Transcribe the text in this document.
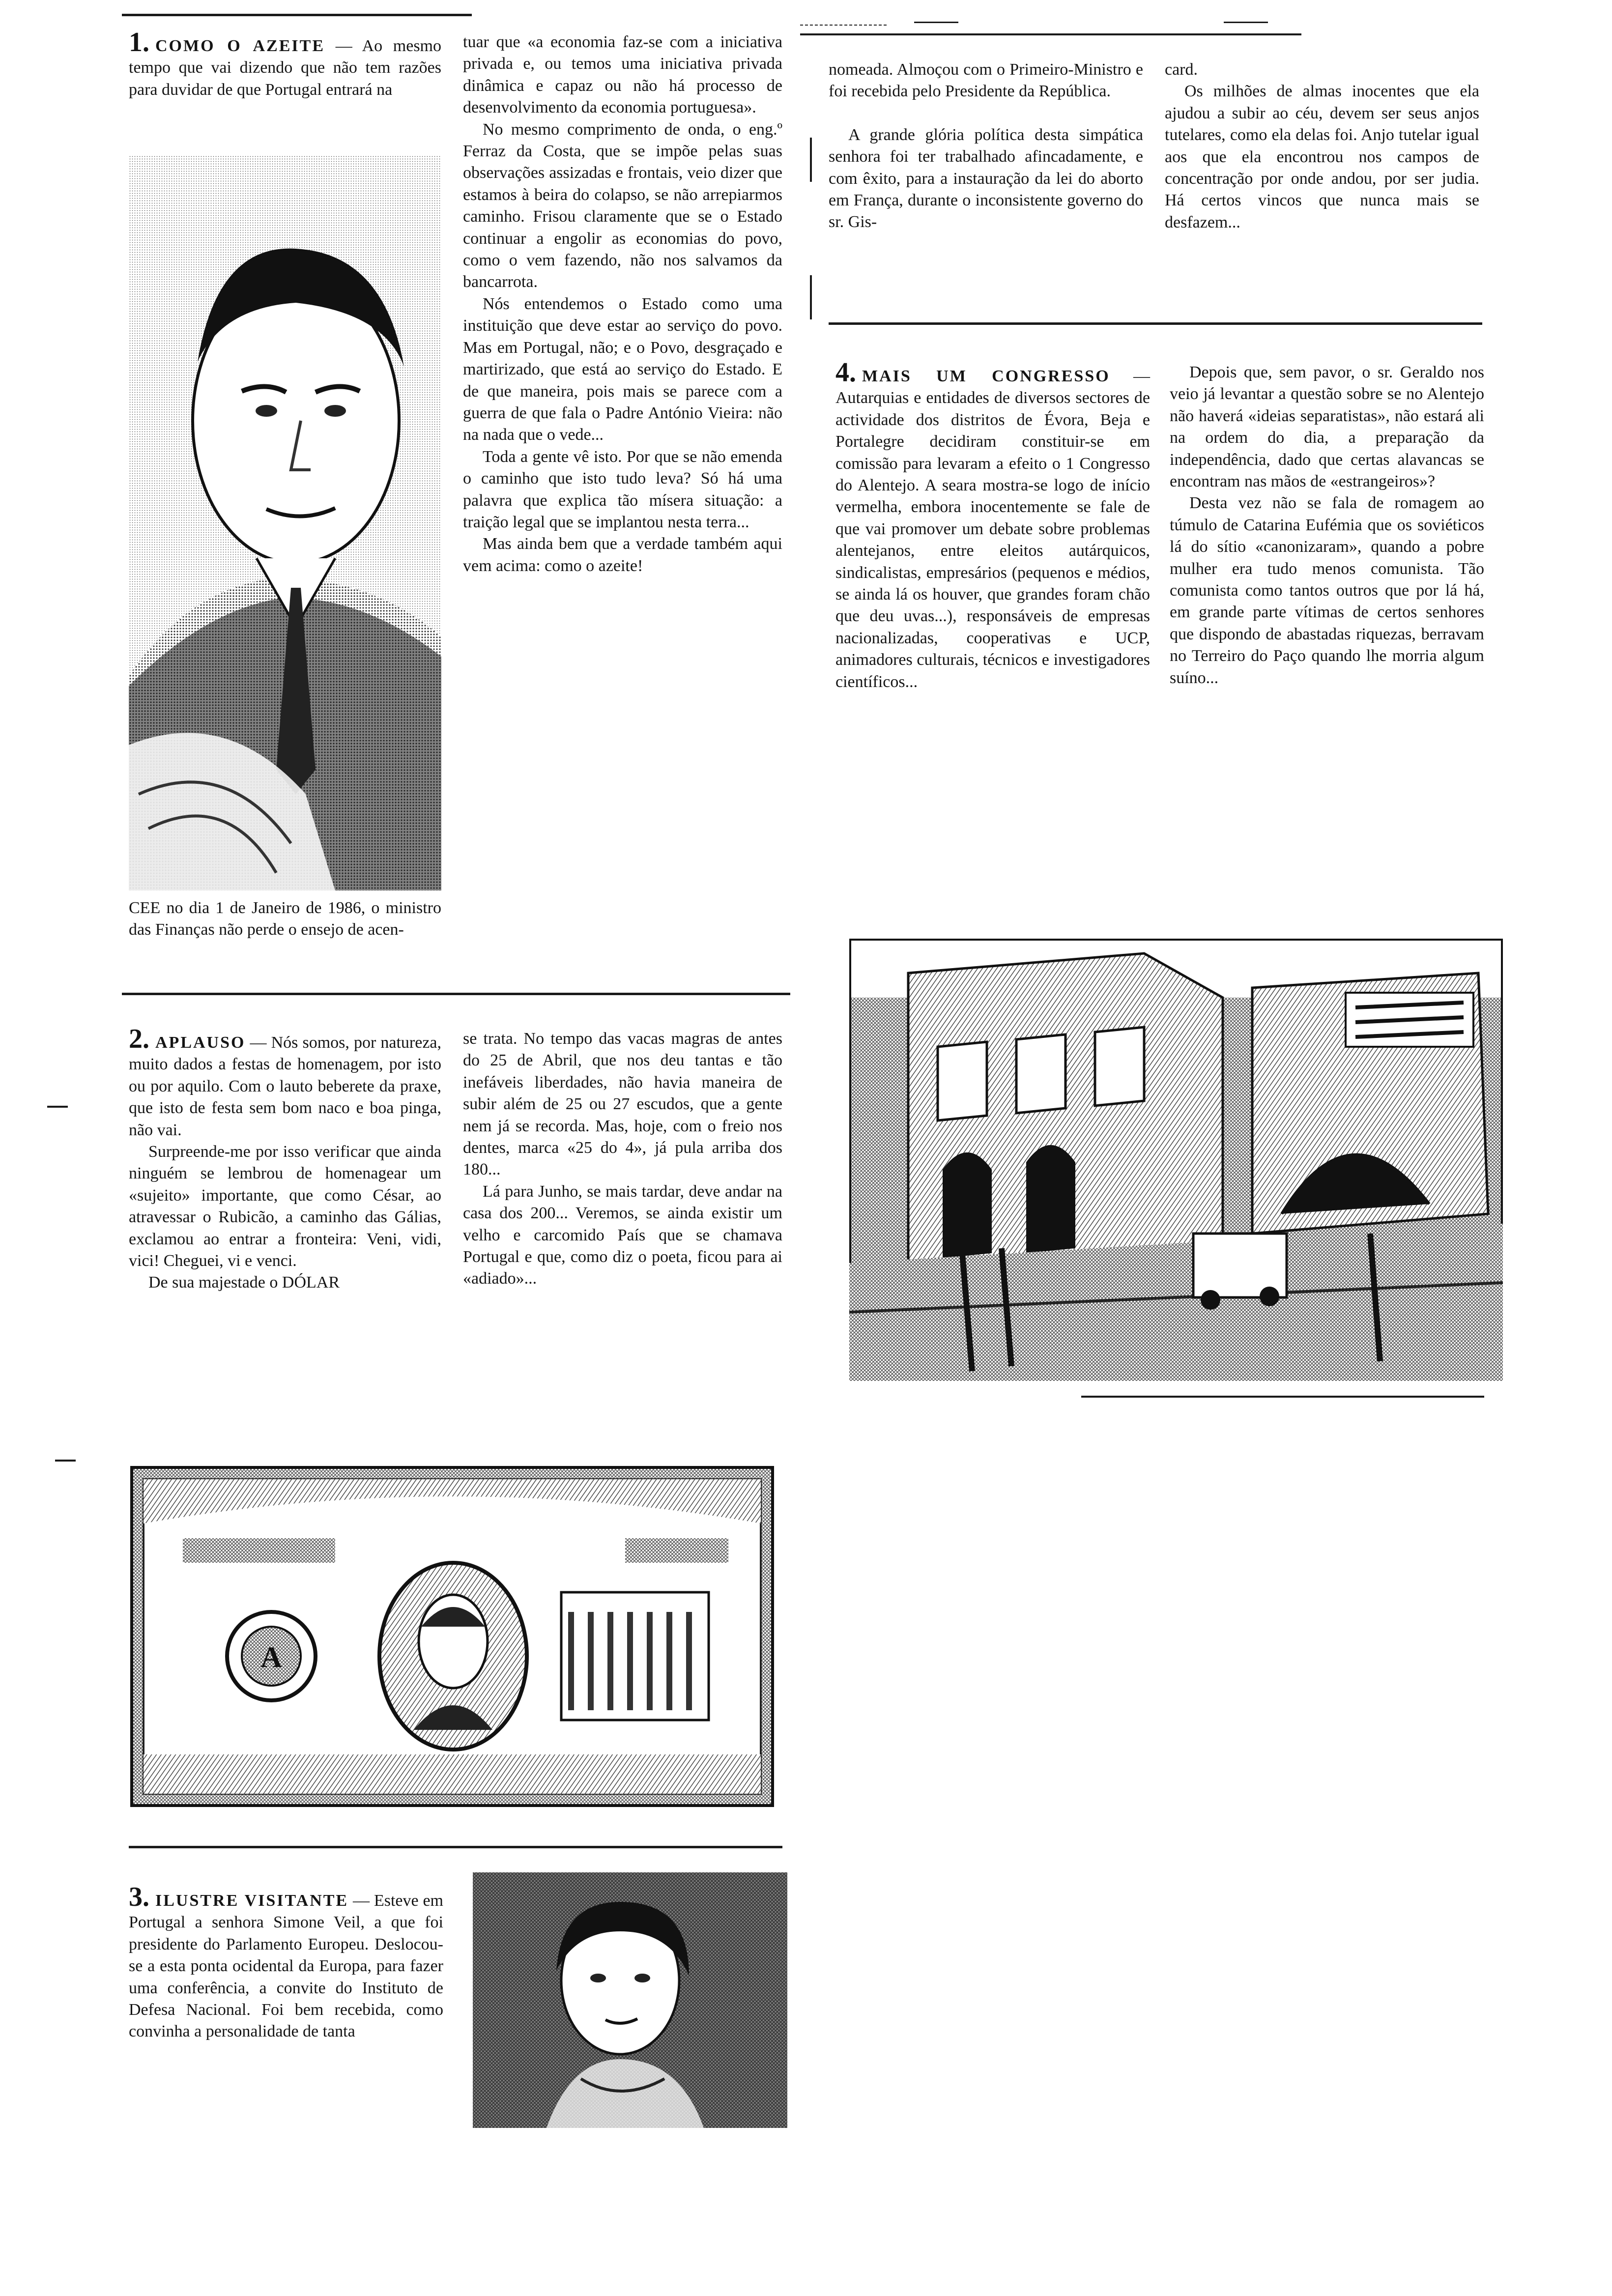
1. COMO O AZEITE — Ao mesmo tempo que vai dizendo que não tem razões para duvidar de que Portugal entrará na

CEE no dia 1 de Janeiro de 1986, o ministro das Finanças não perde o ensejo de acen-

tuar que «a economia faz-se com a iniciativa privada e, ou temos uma iniciativa privada dinâmica e capaz ou não há processo de desenvolvimento da economia portuguesa».

No mesmo comprimento de onda, o eng.º Ferraz da Costa, que se impõe pelas suas observações assizadas e frontais, veio dizer que estamos à beira do colapso, se não arrepiarmos caminho. Frisou claramente que se o Estado continuar a engolir as economias do povo, como o vem fazendo, não nos salvamos da bancarrota.

Nós entendemos o Estado como uma instituição que deve estar ao serviço do povo. Mas em Portugal, não; e o Povo, desgraçado e martirizado, que está ao serviço do Estado. E de que maneira, pois mais se parece com a guerra de que fala o Padre António Vieira: não na nada que o vede...

Toda a gente vê isto. Por que se não emenda o caminho que isto tudo leva? Só há uma palavra que explica tão mísera situação: a traição legal que se implantou nesta terra...

Mas ainda bem que a verdade também aqui vem acima: como o azeite!

2. APLAUSO — Nós somos, por natureza, muito dados a festas de homenagem, por isto ou por aquilo. Com o lauto beberete da praxe, que isto de festa sem bom naco e boa pinga, não vai.

Surpreende-me por isso verificar que ainda ninguém se lembrou de homenagear um «sujeito» importante, que como César, ao atravessar o Rubicão, a caminho das Gálias, exclamou ao entrar a fronteira: Veni, vidi, vici! Cheguei, vi e venci.

De sua majestade o DÓLAR

se trata. No tempo das vacas magras de antes do 25 de Abril, que nos deu tantas e tão inefáveis liberdades, não havia maneira de subir além de 25 ou 27 escudos, que a gente nem já se recorda. Mas, hoje, com o freio nos dentes, marca «25 do 4», já pula arriba dos 180...

Lá para Junho, se mais tardar, deve andar na casa dos 200... Veremos, se ainda existir um velho e carcomido País que se chamava Portugal e que, como diz o poeta, ficou para ai «adiado»...

A

3. ILUSTRE VISITANTE — Esteve em Portugal a senhora Simone Veil, a que foi presidente do Parlamento Europeu. Deslocou-se a esta ponta ocidental da Europa, para fazer uma conferência, a convite do Instituto de Defesa Nacional. Foi bem recebida, como convinha a personalidade de tanta

nomeada. Almoçou com o Primeiro-Ministro e foi recebida pelo Presidente da República.

A grande glória política desta simpática senhora foi ter trabalhado afincadamente, e com êxito, para a instauração da lei do aborto em França, durante o inconsistente governo do sr. Gis-

card.

Os milhões de almas inocentes que ela ajudou a subir ao céu, devem ser seus anjos tutelares, como ela delas foi. Anjo tutelar igual aos que ela encontrou nos campos de concentração por onde andou, por ser judia. Há certos vincos que nunca mais se desfazem...

4. MAIS UM CONGRESSO — Autarquias e entidades de diversos sectores de actividade dos distritos de Évora, Beja e Portalegre decidiram constituir-se em comissão para levaram a efeito o 1 Congresso do Alentejo. A seara mostra-se logo de início vermelha, embora inocentemente se fale de que vai promover um debate sobre problemas alentejanos, entre eleitos autárquicos, sindicalistas, empresários (pequenos e médios, se ainda lá os houver, que grandes foram chão que deu uvas...), responsáveis de empresas nacionalizadas, cooperativas e UCP, animadores culturais, técnicos e investigadores científicos...

Depois que, sem pavor, o sr. Geraldo nos veio já levantar a questão sobre se no Alentejo não haverá «ideias separatistas», não estará ali na ordem do dia, a preparação da independência, dado que certas alavancas se encontram nas mãos de «estrangeiros»?

Desta vez não se fala de romagem ao túmulo de Catarina Eufémia que os soviéticos lá do sítio «canonizaram», quando a pobre mulher era tudo menos comunista. Tão comunista como tantos outros que por lá há, em grande parte vítimas de certos senhores que dispondo de abastadas riquezas, berravam no Terreiro do Paço quando lhe morria algum suíno...
